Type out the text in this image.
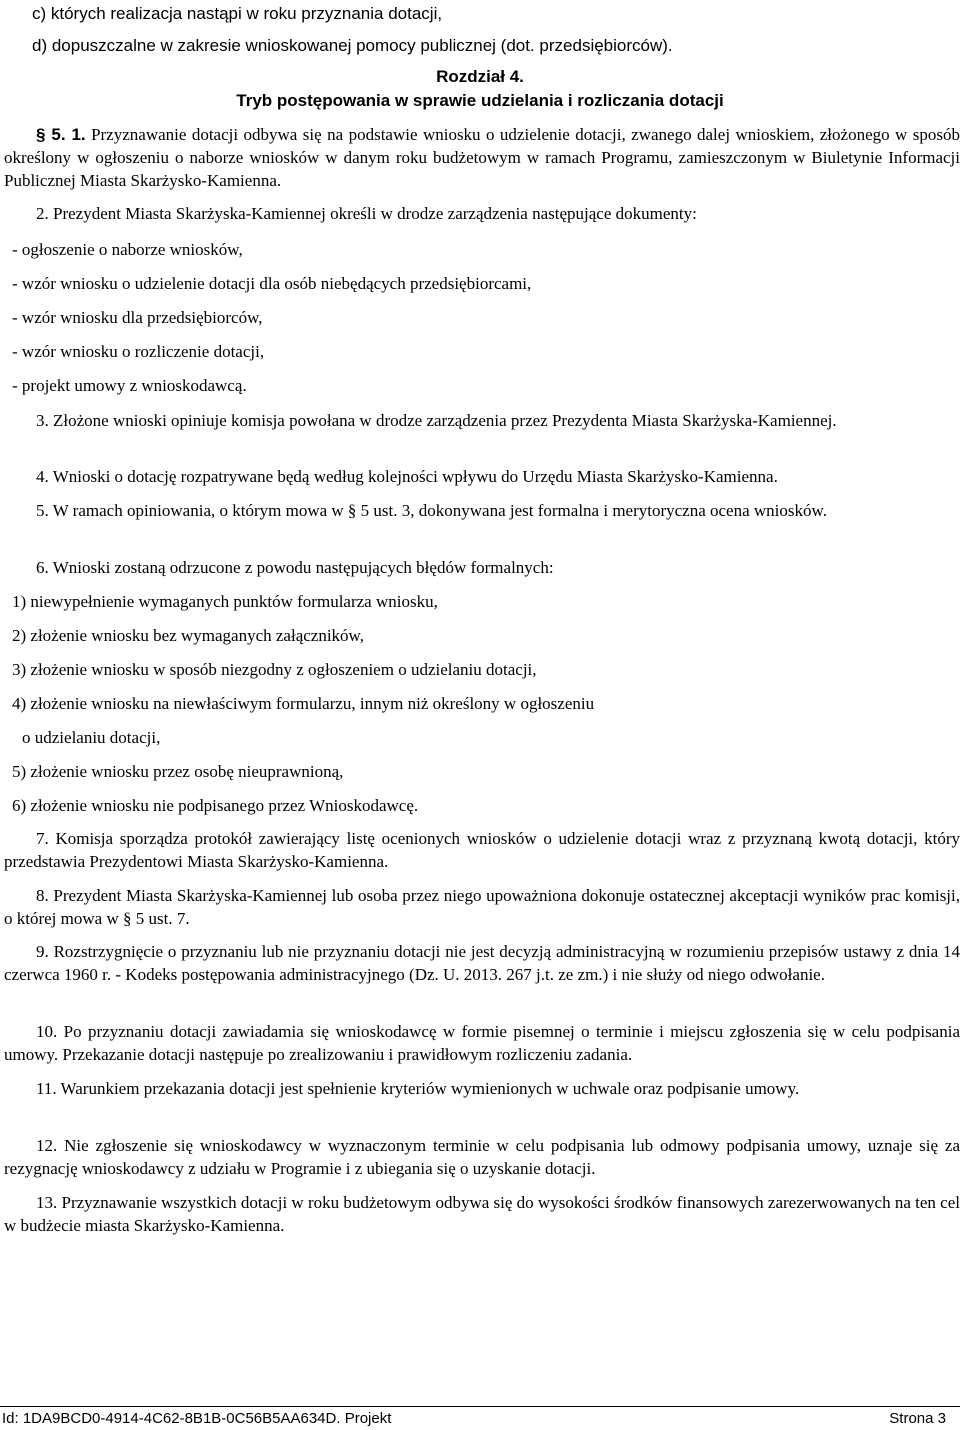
c) których realizacja nastąpi w roku przyznania dotacji,

d) dopuszczalne w zakresie wnioskowanej pomocy publicznej (dot. przedsiębiorców).

Rozdział 4.

Tryb postępowania w sprawie udzielania i rozliczania dotacji

§ 5. 1. Przyznawanie dotacji odbywa się na podstawie wniosku o udzielenie dotacji, zwanego dalej wnioskiem, złożonego w sposób określony w ogłoszeniu o naborze wniosków w danym roku budżetowym w ramach Programu, zamieszczonym w Biuletynie Informacji Publicznej Miasta Skarżysko-Kamienna.

2. Prezydent Miasta Skarżyska-Kamiennej określi w drodze zarządzenia następujące dokumenty:

- ogłoszenie o naborze wniosków,

- wzór wniosku o udzielenie dotacji dla osób niebędących przedsiębiorcami,

- wzór wniosku dla przedsiębiorców,

- wzór wniosku o rozliczenie dotacji,

- projekt umowy z wnioskodawcą.

3. Złożone wnioski opiniuje komisja powołana w drodze zarządzenia przez Prezydenta Miasta Skarżyska-Kamiennej.

4. Wnioski o dotację rozpatrywane będą według kolejności wpływu do Urzędu Miasta Skarżysko-Kamienna.

5. W ramach opiniowania, o którym mowa w § 5 ust. 3, dokonywana jest formalna i merytoryczna ocena wniosków.

6. Wnioski zostaną odrzucone z powodu następujących błędów formalnych:

1) niewypełnienie wymaganych punktów formularza wniosku,

2) złożenie wniosku bez wymaganych załączników,

3) złożenie wniosku w sposób niezgodny z ogłoszeniem o udzielaniu dotacji,

4) złożenie wniosku na niewłaściwym formularzu, innym niż określony w ogłoszeniu

o udzielaniu dotacji,

5) złożenie wniosku przez osobę nieuprawnioną,

6) złożenie wniosku nie podpisanego przez Wnioskodawcę.

7. Komisja sporządza protokół zawierający listę ocenionych wniosków o udzielenie dotacji wraz z przyznaną kwotą dotacji, który przedstawia Prezydentowi Miasta Skarżysko-Kamienna.

8. Prezydent Miasta Skarżyska-Kamiennej lub osoba przez niego upoważniona dokonuje ostatecznej akceptacji wyników prac komisji, o której mowa w § 5 ust. 7.

9. Rozstrzygnięcie o przyznaniu lub nie przyznaniu dotacji nie jest decyzją administracyjną w rozumieniu przepisów ustawy z dnia 14 czerwca 1960 r. - Kodeks postępowania administracyjnego (Dz. U. 2013. 267 j.t. ze zm.) i nie służy od niego odwołanie.

10. Po przyznaniu dotacji zawiadamia się wnioskodawcę w formie pisemnej o terminie i miejscu zgłoszenia się w celu podpisania umowy. Przekazanie dotacji następuje po zrealizowaniu i prawidłowym rozliczeniu zadania.

11. Warunkiem przekazania dotacji jest spełnienie kryteriów wymienionych w uchwale oraz podpisanie umowy.

12. Nie zgłoszenie się wnioskodawcy w wyznaczonym terminie w celu podpisania lub odmowy podpisania umowy, uznaje się za rezygnację wnioskodawcy z udziału w Programie i z ubiegania się o uzyskanie dotacji.

13. Przyznawanie wszystkich dotacji w roku budżetowym odbywa się do wysokości środków finansowych zarezerwowanych na ten cel w budżecie miasta Skarżysko-Kamienna.

Id: 1DA9BCD0-4914-4C62-8B1B-0C56B5AA634D. Projekt	Strona 3
